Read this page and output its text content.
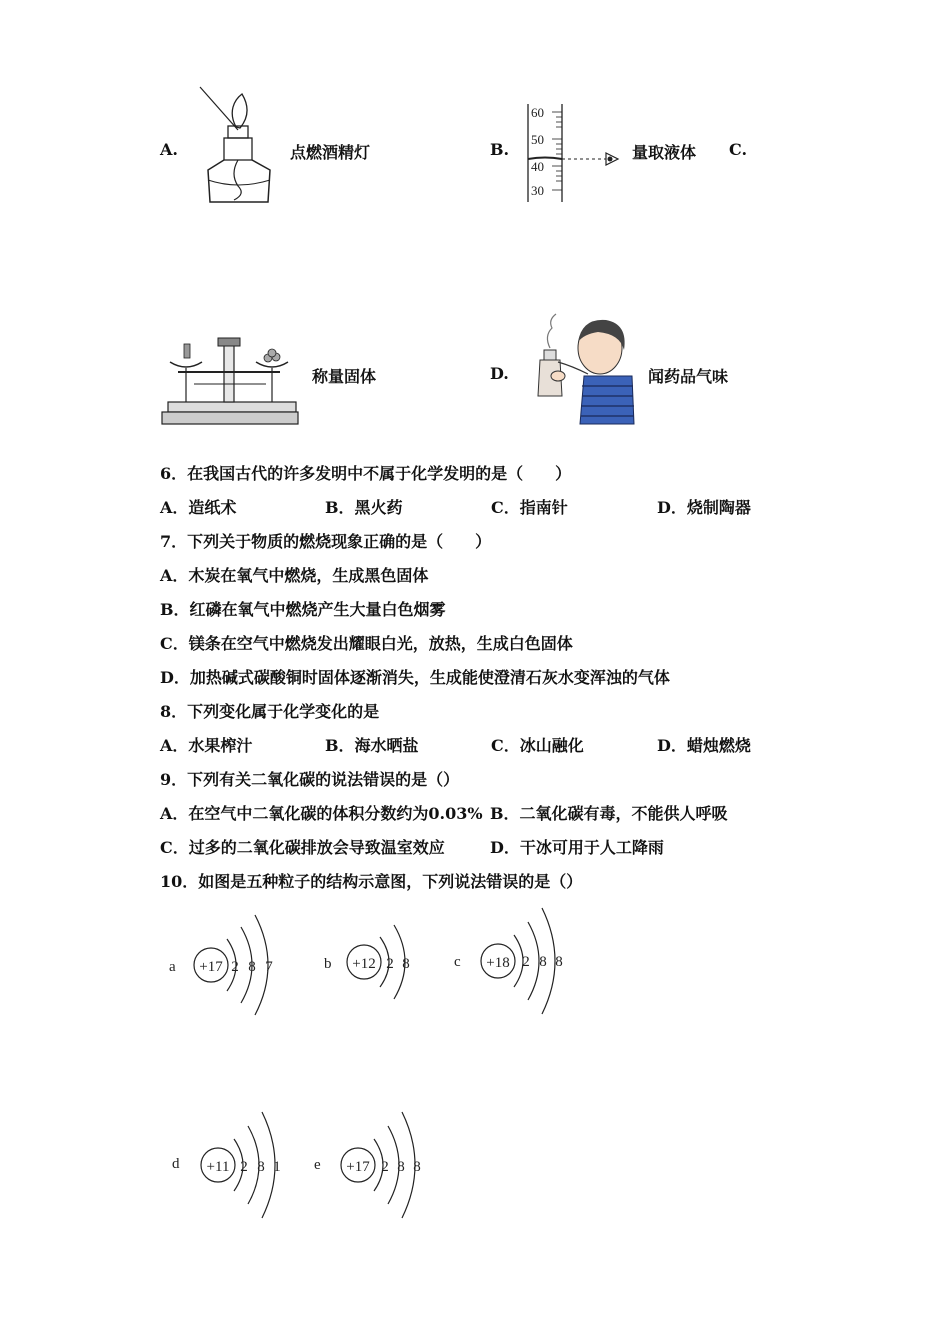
A.	点燃酒精灯	B.
60
50
40
30
量取液体 C.
称量固体	D.	闻药品气味
6．在我国古代的许多发明中不属于化学发明的是（　　）
A．造纸术	B．黑火药	C．指南针	D．烧制陶器
7．下列关于物质的燃烧现象正确的是（　　）
A．木炭在氧气中燃烧，生成黑色固体
B．红磷在氧气中燃烧产生大量白色烟雾
C．镁条在空气中燃烧发出耀眼白光，放热，生成白色固体
D．加热碱式碳酸铜时固体逐渐消失，生成能使澄清石灰水变浑浊的气体
8．下列变化属于化学变化的是
A．水果榨汁	B．海水晒盐	C．冰山融化	D．蜡烛燃烧
9．下列有关二氧化碳的说法错误的是（）
A．在空气中二氧化碳的体积分数约为0.03% B．二氧化碳有毒，不能供人呼吸
C．过多的二氧化碳排放会导致温室效应	D．干冰可用于人工降雨
10．如图是五种粒子的结构示意图，下列说法错误的是（）
a +17 2 8 7	b +12 2 8	c +18 2 8 8
d +11 2 8 1 e +17 2 8 8
